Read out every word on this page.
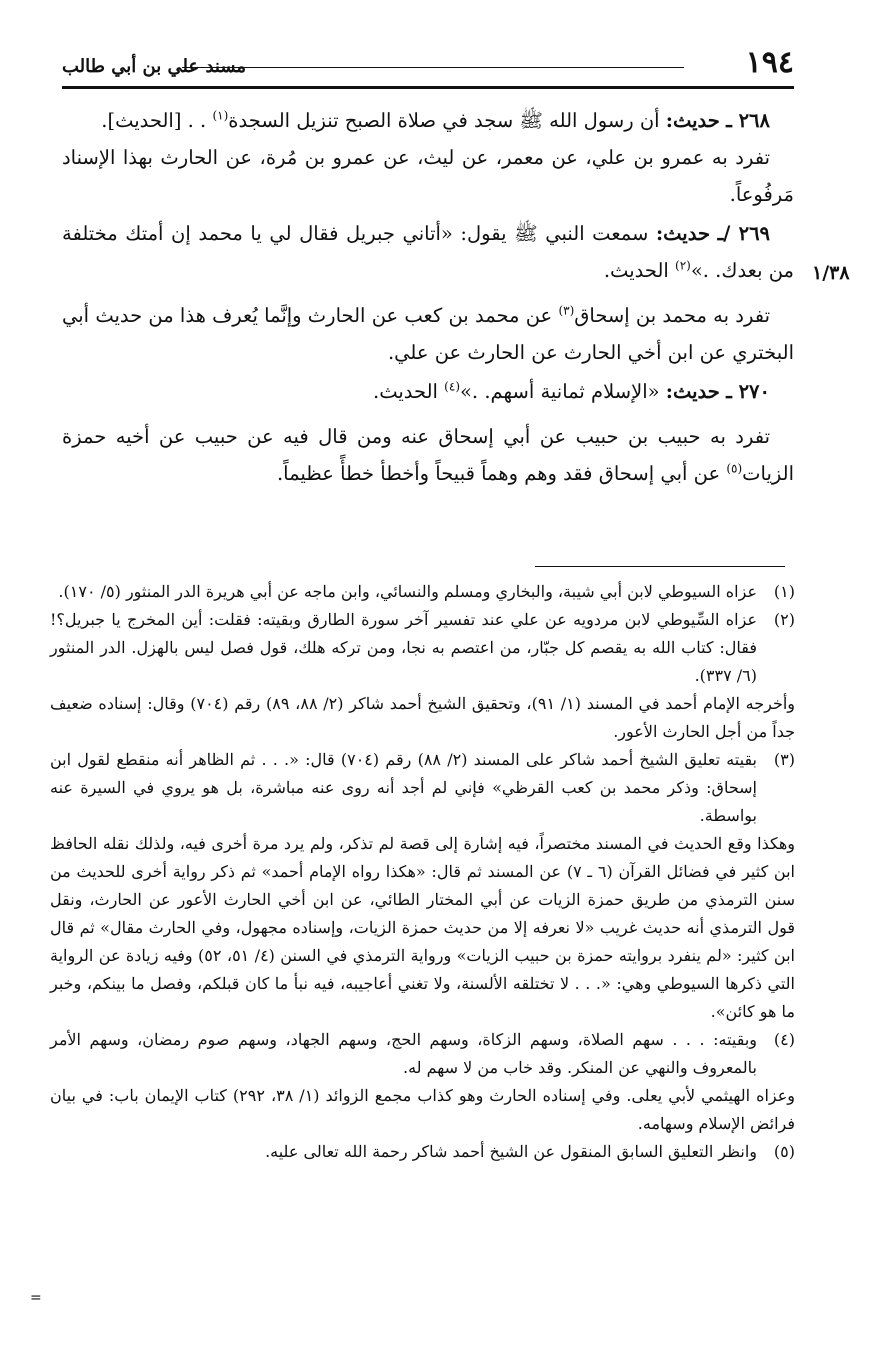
١٩٤
مسند علي بن أبي طالب
١/٣٨

٢٦٨ ـ حديث: أن رسول الله ﷺ سجد في صلاة الصبح تنزيل السجدة$^{(١)}$ . . [الحديث].

تفرد به عمرو بن علي، عن معمر، عن ليث، عن عمرو بن مُرة، عن الحارث بهذا الإسناد مَرفُوعاً.

٢٦٩ /ـ حديث: سمعت النبي ﷺ يقول: «أتاني جبريل فقال لي يا محمد إن أمتك مختلفة من بعدك. .»$^{(٢)}$ الحديث.

تفرد به محمد بن إسحاق$^{(٣)}$ عن محمد بن كعب عن الحارث وإنَّما يُعرف هذا من حديث أبي البختري عن ابن أخي الحارث عن الحارث عن علي.

٢٧٠ ـ حديث: «الإسلام ثمانية أسهم. .»$^{(٤)}$ الحديث.

تفرد به حبيب بن حبيب عن أبي إسحاق عنه ومن قال فيه عن حبيب عن أخيه حمزة الزيات$^{(٥)}$ عن أبي إسحاق فقد وهم وهماً قبيحاً وأخطأ خطأً عظيماً.

(١)

عزاه السيوطي لابن أبي شيبة، والبخاري ومسلم والنسائي، وابن ماجه عن أبي هريرة الدر المنثور (٥/ ١٧٠).

(٢)

عزاه السِّيوطي لابن مردويه عن علي عند تفسير آخر سورة الطارق وبقيته: فقلت: أين المخرج يا جبريل؟! فقال: كتاب الله به يقصم كل جبّار، من اعتصم به نجا، ومن تركه هلك، قول فصل ليس بالهزل. الدر المنثور (٦/ ٣٣٧).

وأخرجه الإمام أحمد في المسند (١/ ٩١)، وتحقيق الشيخ أحمد شاكر (٢/ ٨٨، ٨٩) رقم (٧٠٤) وقال: إسناده ضعيف جداً من أجل الحارث الأعور.

(٣)

بقيته تعليق الشيخ أحمد شاكر على المسند (٢/ ٨٨) رقم (٧٠٤) قال: «. . . ثم الظاهر أنه منقطع لقول ابن إسحاق: وذكر محمد بن كعب القرظي» فإني لم أجد أنه روى عنه مباشرة، بل هو يروي في السيرة عنه بواسطة.

وهكذا وقع الحديث في المسند مختصراً، فيه إشارة إلى قصة لم تذكر، ولم يرد مرة أخرى فيه، ولذلك نقله الحافظ ابن كثير في فضائل القرآن (٦ ـ ٧) عن المسند ثم قال: «هكذا رواه الإمام أحمد» ثم ذكر رواية أخرى للحديث من سنن الترمذي من طريق حمزة الزيات عن أبي المختار الطائي، عن ابن أخي الحارث الأعور عن الحارث، ونقل قول الترمذي أنه حديث غريب «لا نعرفه إلا من حديث حمزة الزيات، وإسناده مجهول، وفي الحارث مقال» ثم قال ابن كثير: «لم ينفرد بروايته حمزة بن حبيب الزيات» ورواية الترمذي في السنن (٤/ ٥١، ٥٢) وفيه زيادة عن الرواية التي ذكرها السيوطي وهي: «. . . لا تختلقه الألسنة، ولا تغني أعاجيبه، فيه نبأ ما كان قبلكم، وفصل ما بينكم، وخبر ما هو كائن».

(٤)

وبقيته: . . . سهم الصلاة، وسهم الزكاة، وسهم الحج، وسهم الجهاد، وسهم صوم رمضان، وسهم الأمر بالمعروف والنهي عن المنكر. وقد خاب من لا سهم له.

وعزاه الهيثمي لأبي يعلى. وفي إسناده الحارث وهو كذاب مجمع الزوائد (١/ ٣٨، ٢٩٢) كتاب الإيمان باب: في بيان فرائض الإسلام وسهامه.

(٥)

وانظر التعليق السابق المنقول عن الشيخ أحمد شاكر رحمة الله تعالى عليه.

=
